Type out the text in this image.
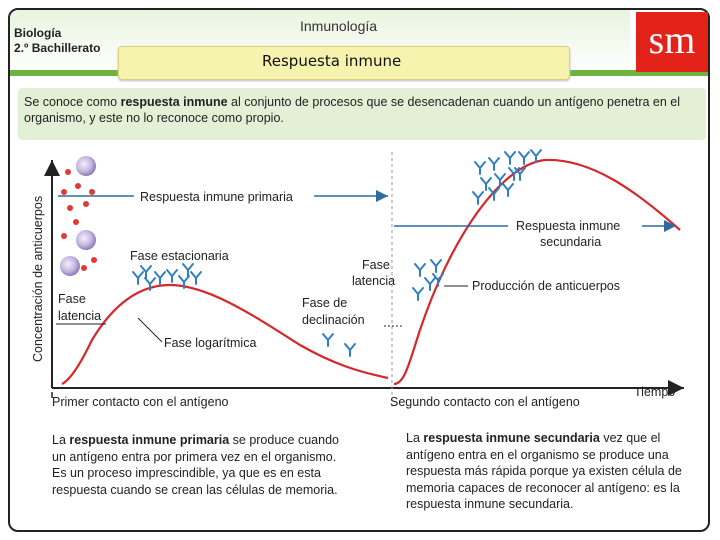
Biología
2.º Bachillerato
Inmunología
Respuesta inmune	sm
Se conoce como respuesta inmune al conjunto de procesos que se desencadenan cuando un antígeno penetra en el organismo, y este no lo reconoce como propio.
Concentración de anticuerpos
Tiempo
Primer contacto con el antígeno	Segundo contacto con el antígeno
Respuesta inmune primaria
Respuesta inmune
secundaria
Fase estacionaria
Fase
latencia
Fase de
declinación
Fase logarítmica
Fase
latencia	Producción de anticuerpos
La respuesta inmune primaria se produce cuando un antígeno entra por primera vez en el organismo. Es un proceso imprescindible, ya que es en esta respuesta cuando se crean las células de memoria.
La respuesta inmune secundaria vez que el antígeno entra en el organismo se produce una respuesta más rápida porque ya existen célula de memoria capaces de reconocer al antígeno: es la respuesta inmune secundaria.
